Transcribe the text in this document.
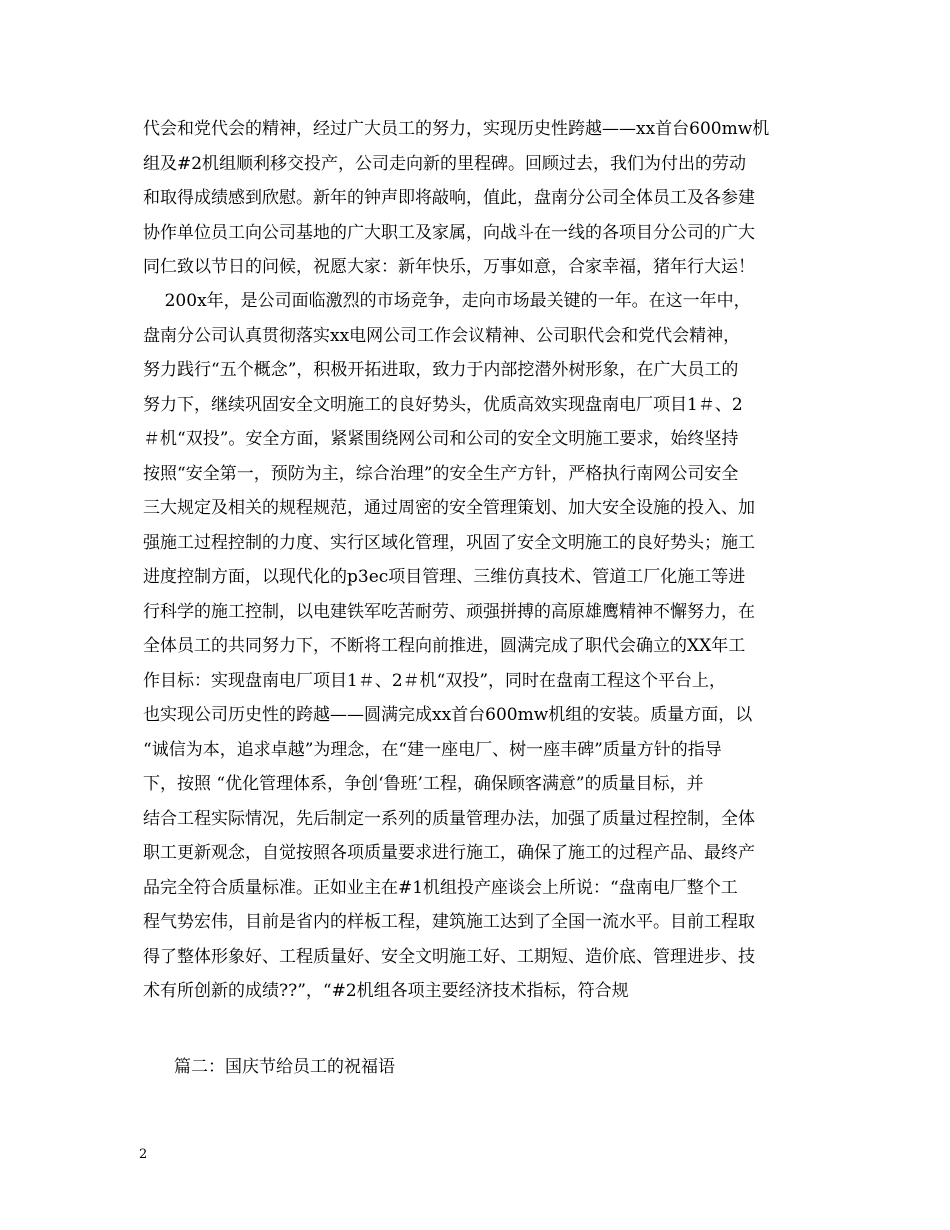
代会和党代会的精神，经过广大员工的努力，实现历史性跨越——xx首台600mw机
组及#2机组顺利移交投产，公司走向新的里程碑。回顾过去，我们为付出的劳动
和取得成绩感到欣慰。新年的钟声即将敲响，值此，盘南分公司全体员工及各参建
协作单位员工向公司基地的广大职工及家属，向战斗在一线的各项目分公司的广大
同仁致以节日的问候，祝愿大家：新年快乐，万事如意，合家幸福，猪年行大运！
200x年，是公司面临激烈的市场竞争，走向市场最关键的一年。在这一年中，
盘南分公司认真贯彻落实xx电网公司工作会议精神、公司职代会和党代会精神，
努力践行“五个概念”，积极开拓进取，致力于内部挖潜外树形象，在广大员工的
努力下，继续巩固安全文明施工的良好势头，优质高效实现盘南电厂项目1＃、2
＃机“双投”。安全方面，紧紧围绕网公司和公司的安全文明施工要求，始终坚持
按照“安全第一，预防为主，综合治理”的安全生产方针，严格执行南网公司安全
三大规定及相关的规程规范，通过周密的安全管理策划、加大安全设施的投入、加
强施工过程控制的力度、实行区域化管理，巩固了安全文明施工的良好势头；施工
进度控制方面，以现代化的p3ec项目管理、三维仿真技术、管道工厂化施工等进
行科学的施工控制，以电建铁军吃苦耐劳、顽强拼搏的高原雄鹰精神不懈努力，在
全体员工的共同努力下，不断将工程向前推进，圆满完成了职代会确立的XX年工
作目标：实现盘南电厂项目1＃、2＃机“双投”，同时在盘南工程这个平台上，
也实现公司历史性的跨越——圆满完成xx首台600mw机组的安装。质量方面，以
“诚信为本，追求卓越”为理念，在“建一座电厂、树一座丰碑”质量方针的指导
下，按照 “优化管理体系，争创‘鲁班’工程，确保顾客满意”的质量目标，并
结合工程实际情况，先后制定一系列的质量管理办法，加强了质量过程控制，全体
职工更新观念，自觉按照各项质量要求进行施工，确保了施工的过程产品、最终产
品完全符合质量标准。正如业主在#1机组投产座谈会上所说：“盘南电厂整个工
程气势宏伟，目前是省内的样板工程，建筑施工达到了全国一流水平。目前工程取
得了整体形象好、工程质量好、安全文明施工好、工期短、造价底、管理进步、技
术有所创新的成绩??”，“#2机组各项主要经济技术指标，符合规
篇二：国庆节给员工的祝福语
2
